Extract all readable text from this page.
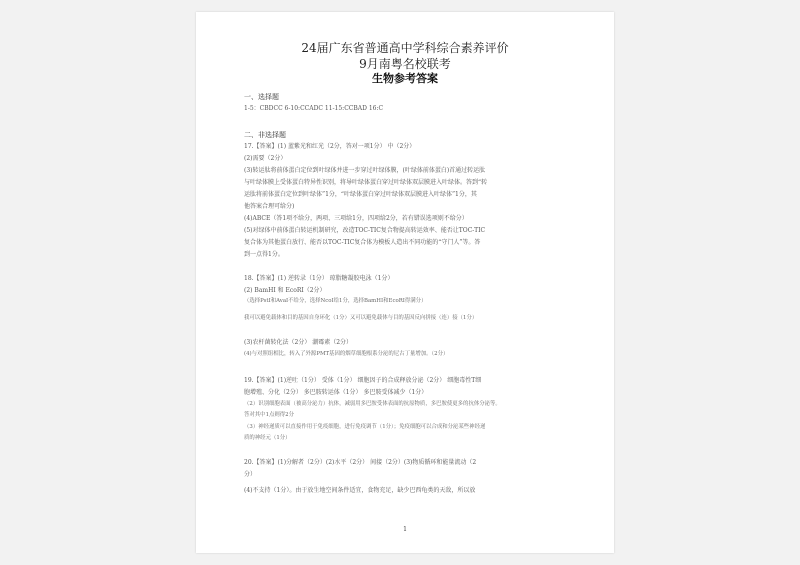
24届广东省普通高中学科综合素养评价
9月南粤名校联考
生物参考答案
一、选择题
1-5：CBDCC 6-10:CCADC 11-15:CCBAD 16:C
二、非选择题
17.【答案】(1) 蓝紫光和红光（2分，答对一项1分） 中（2分）
(2)需要（2分）
(3)转运肽将前体蛋白定位到叶绿体并进一步穿过叶绿体膜，(叶绿体前体蛋白)首通过转运肽
与叶绿体膜上受体蛋白特异性识别，将导叶绿体蛋白穿过叶绿体双层膜进入叶绿体。答到“转
运肽将前体蛋白定位到叶绿体”1分，“叶绿体蛋白穿过叶绿体双层膜进入叶绿体”1分，其
他答案合理可给分)
(4)ABCE（答1项不给分，两项、三项给1分，四项给2分，若有错误选项则不给分）
(5)对绿体中前体蛋白转运机制研究，改造TOC-TIC复合物提高转运效率、能否让TOC-TIC
复合体为其他蛋白放行、能否以TOC-TIC复合体为模板人造出不同功能的“守门人”等。答
到一点得1分。
18.【答案】(1) 逆转录（1分） 琼脂糖凝胶电泳（1分）
(2) BamHI 和 EcoRI（2分）
（选择PstI和AvaI不给分，选择NcoI给1分，选择BamHI和EcoRI得满分）
我可以避免载体和目的基因自身环化（1分）又可以避免载体与目的基因反向拼接（连）接（1分）
(3)农杆菌转化法（2分） 潮霉素（2分）
(4)与对照组相比，转入了外源PMT基因的烟草细胞根系分泌的尼古丁量增加。（2分）
19.【答案】(1)逆吐（1分） 受体（1分） 细胞因子的合成释放分泌（2分） 细胞毒性T细
胞增殖、分化（2分） 多巴胺转运体（1分） 多巴胺受体减少（1分）
（2）识别细胞表面（被高分泌力）抗体，减弱用多巴胺受体表面的抗原物质，多巴胺使更多的抗体分泌等。
答对其中1点则得2分
（3）神经递质可以直接作用于免疫细胞，进行免疫调节（1分）；免疫细胞可以合成和分泌某些神经递
质的神经元（1分）
20.【答案】(1)分解者（2分）(2)水平（2分） 间接（2分）(3)物质循环和能量流动（2
分）
(4)不支持（1分）。由于放生地空间条件适宜，食物充足，缺少巴西龟类的天敌，所以放
1
